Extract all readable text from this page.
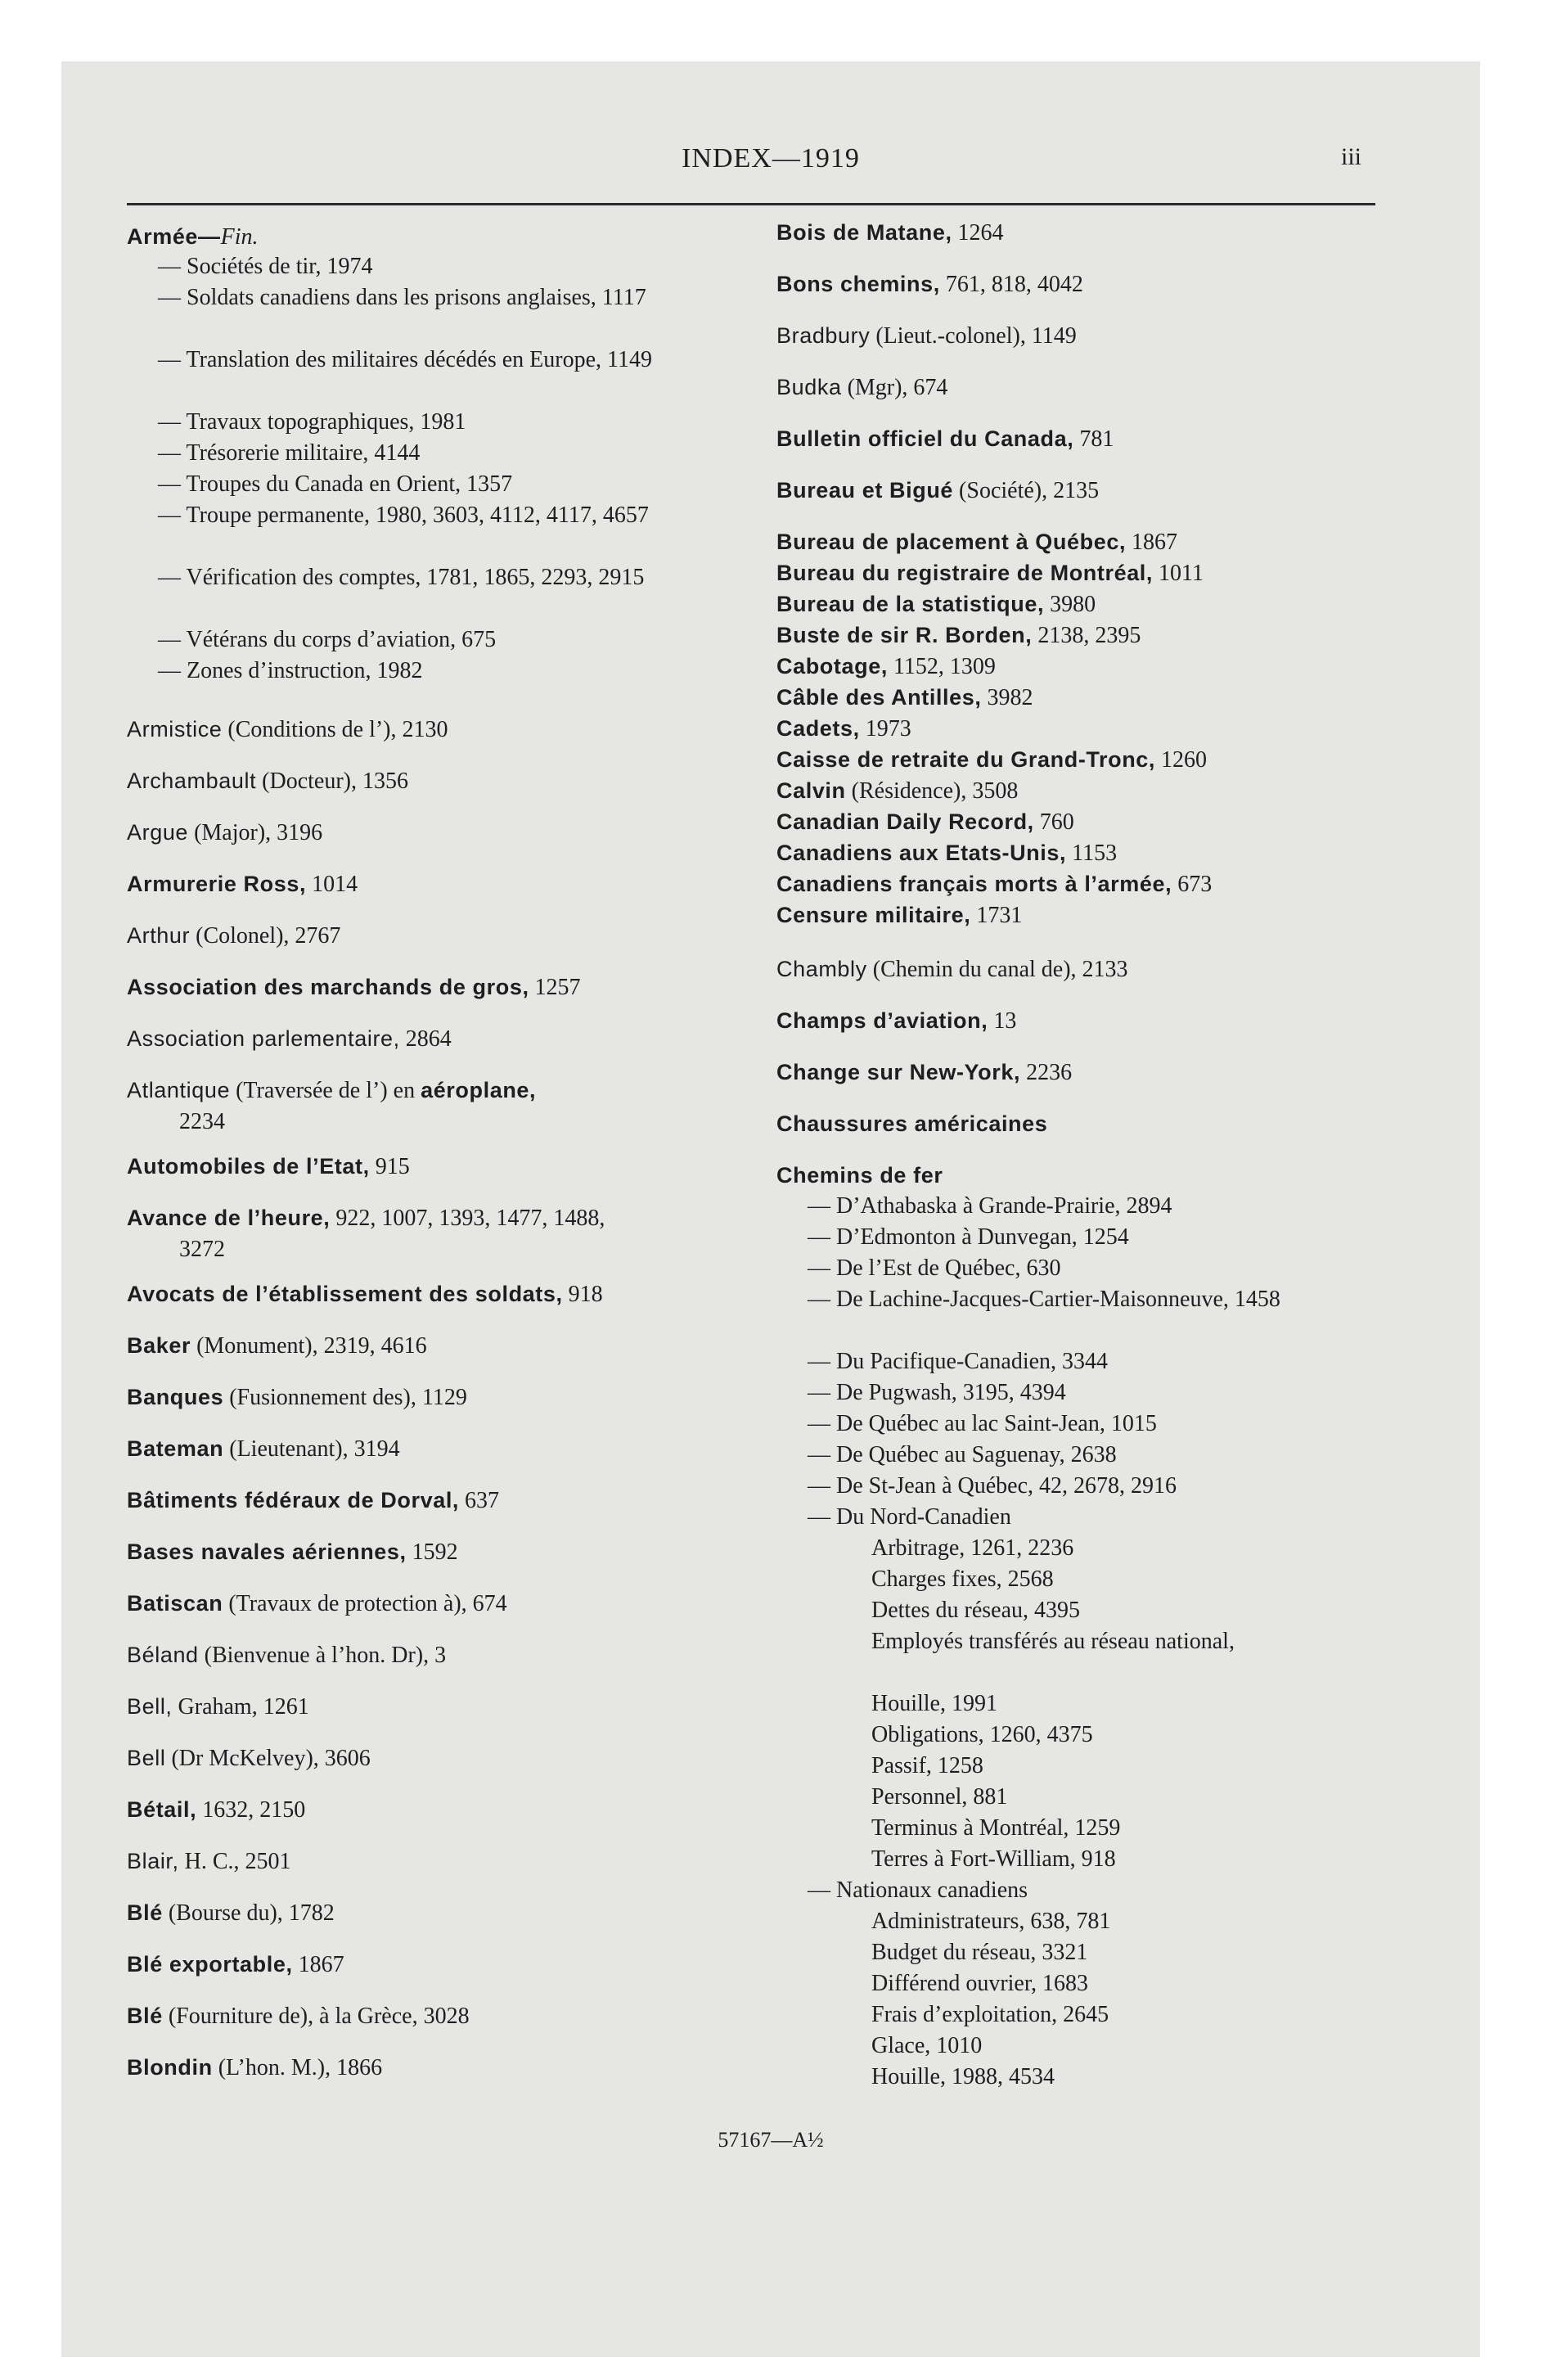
INDEX—1919	iii
Armée—Fin.
— Sociétés de tir, 1974
— Soldats canadiens dans les prisons anglaises, 1117
— Translation des militaires décédés en Europe, 1149
— Travaux topographiques, 1981
— Trésorerie militaire, 4144
— Troupes du Canada en Orient, 1357
— Troupe permanente, 1980, 3603, 4112, 4117, 4657
— Vérification des comptes, 1781, 1865, 2293, 2915
— Vétérans du corps d’aviation, 675
— Zones d’instruction, 1982
Armistice (Conditions de l’), 2130
Archambault (Docteur), 1356
Argue (Major), 3196
Armurerie Ross, 1014
Arthur (Colonel), 2767
Association des marchands de gros, 1257
Association parlementaire, 2864
Atlantique (Traversée de l’) en aéroplane,
2234
Automobiles de l’Etat, 915
Avance de l’heure, 922, 1007, 1393, 1477, 1488,
3272
Avocats de l’établissement des soldats, 918
Baker (Monument), 2319, 4616
Banques (Fusionnement des), 1129
Bateman (Lieutenant), 3194
Bâtiments fédéraux de Dorval, 637
Bases navales aériennes, 1592
Batiscan (Travaux de protection à), 674
Béland (Bienvenue à l’hon. Dr), 3
Bell, Graham, 1261
Bell (Dr McKelvey), 3606
Bétail, 1632, 2150
Blair, H. C., 2501
Blé (Bourse du), 1782
Blé exportable, 1867
Blé (Fourniture de), à la Grèce, 3028
Blondin (L’hon. M.), 1866
Bois de Matane, 1264
Bons chemins, 761, 818, 4042
Bradbury (Lieut.-colonel), 1149
Budka (Mgr), 674
Bulletin officiel du Canada, 781
Bureau et Bigué (Société), 2135
Bureau de placement à Québec, 1867
Bureau du registraire de Montréal, 1011
Bureau de la statistique, 3980
Buste de sir R. Borden, 2138, 2395
Cabotage, 1152, 1309
Câble des Antilles, 3982
Cadets, 1973
Caisse de retraite du Grand-Tronc, 1260
Calvin (Résidence), 3508
Canadian Daily Record, 760
Canadiens aux Etats-Unis, 1153
Canadiens français morts à l’armée, 673
Censure militaire, 1731
Chambly (Chemin du canal de), 2133
Champs d’aviation, 13
Change sur New-York, 2236
Chaussures américaines
Chemins de fer
— D’Athabaska à Grande-Prairie, 2894
— D’Edmonton à Dunvegan, 1254
— De l’Est de Québec, 630
— De Lachine-Jacques-Cartier-Maisonneuve, 1458
— Du Pacifique-Canadien, 3344
— De Pugwash, 3195, 4394
— De Québec au lac Saint-Jean, 1015
— De Québec au Saguenay, 2638
— De St-Jean à Québec, 42, 2678, 2916
— Du Nord-Canadien
Arbitrage, 1261, 2236
Charges fixes, 2568
Dettes du réseau, 4395
Employés transférés au réseau national,
Houille, 1991
Obligations, 1260, 4375
Passif, 1258
Personnel, 881
Terminus à Montréal, 1259
Terres à Fort-William, 918
— Nationaux canadiens
Administrateurs, 638, 781
Budget du réseau, 3321
Différend ouvrier, 1683
Frais d’exploitation, 2645
Glace, 1010
Houille, 1988, 4534
57167—A½
